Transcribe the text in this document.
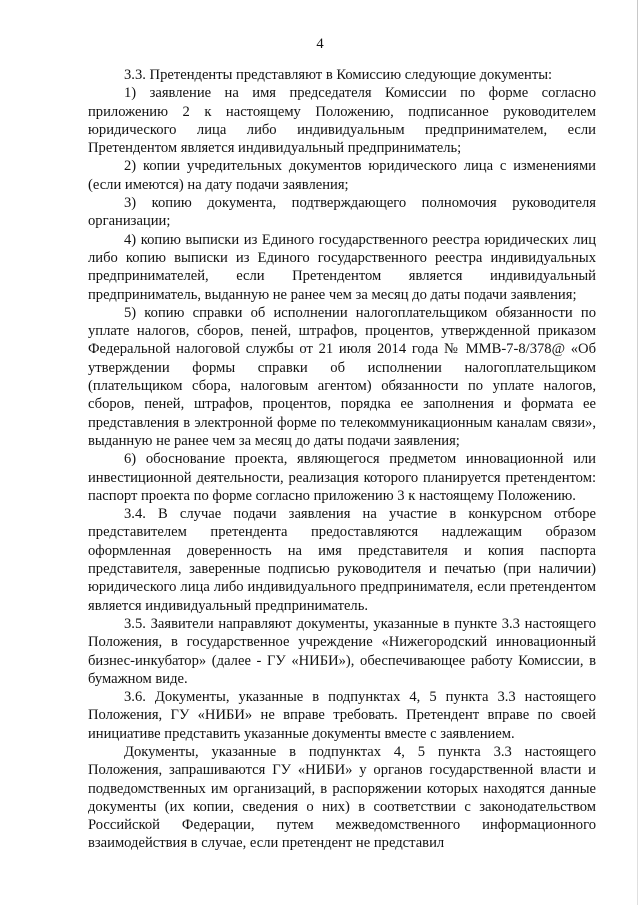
4

3.3. Претенденты представляют в Комиссию следующие документы:

1) заявление на имя председателя Комиссии по форме согласно приложению 2 к настоящему Положению, подписанное руководителем юридического лица либо индивидуальным предпринимателем, если Претендентом является индивидуальный предприниматель;

2) копии учредительных документов юридического лица с изменениями (если имеются) на дату подачи заявления;

3) копию документа, подтверждающего полномочия руководителя организации;

4) копию выписки из Единого государственного реестра юридических лиц либо копию выписки из Единого государственного реестра индивидуальных предпринимателей, если Претендентом является индивидуальный предприниматель, выданную не ранее чем за месяц до даты подачи заявления;

5) копию справки об исполнении налогоплательщиком обязанности по уплате налогов, сборов, пеней, штрафов, процентов, утвержденной приказом Федеральной налоговой службы от 21 июля 2014 года № ММВ-7-8/378@ «Об утверждении формы справки об исполнении налогоплательщиком (плательщиком сбора, налоговым агентом) обязанности по уплате налогов, сборов, пеней, штрафов, процентов, порядка ее заполнения и формата ее представления в электронной форме по телекоммуникационным каналам связи», выданную не ранее чем за месяц до даты подачи заявления;

6) обоснование проекта, являющегося предметом инновационной или инвестиционной деятельности, реализация которого планируется претендентом: паспорт проекта по форме согласно приложению 3 к настоящему Положению.

3.4. В случае подачи заявления на участие в конкурсном отборе представителем претендента предоставляются надлежащим образом оформленная доверенность на имя представителя и копия паспорта представителя, заверенные подписью руководителя и печатью (при наличии) юридического лица либо индивидуального предпринимателя, если претендентом является индивидуальный предприниматель.

3.5. Заявители направляют документы, указанные в пункте 3.3 настоящего Положения, в государственное учреждение «Нижегородский инновационный бизнес-инкубатор» (далее - ГУ «НИБИ»), обеспечивающее работу Комиссии, в бумажном виде.

3.6. Документы, указанные в подпунктах 4, 5 пункта 3.3 настоящего Положения, ГУ «НИБИ» не вправе требовать. Претендент вправе по своей инициативе представить указанные документы вместе с заявлением.

Документы, указанные в подпунктах 4, 5 пункта 3.3 настоящего Положения, запрашиваются ГУ «НИБИ» у органов государственной власти и подведомственных им организаций, в распоряжении которых находятся данные документы (их копии, сведения о них) в соответствии с законодательством Российской Федерации, путем межведомственного информационного взаимодействия в случае, если претендент не представил
